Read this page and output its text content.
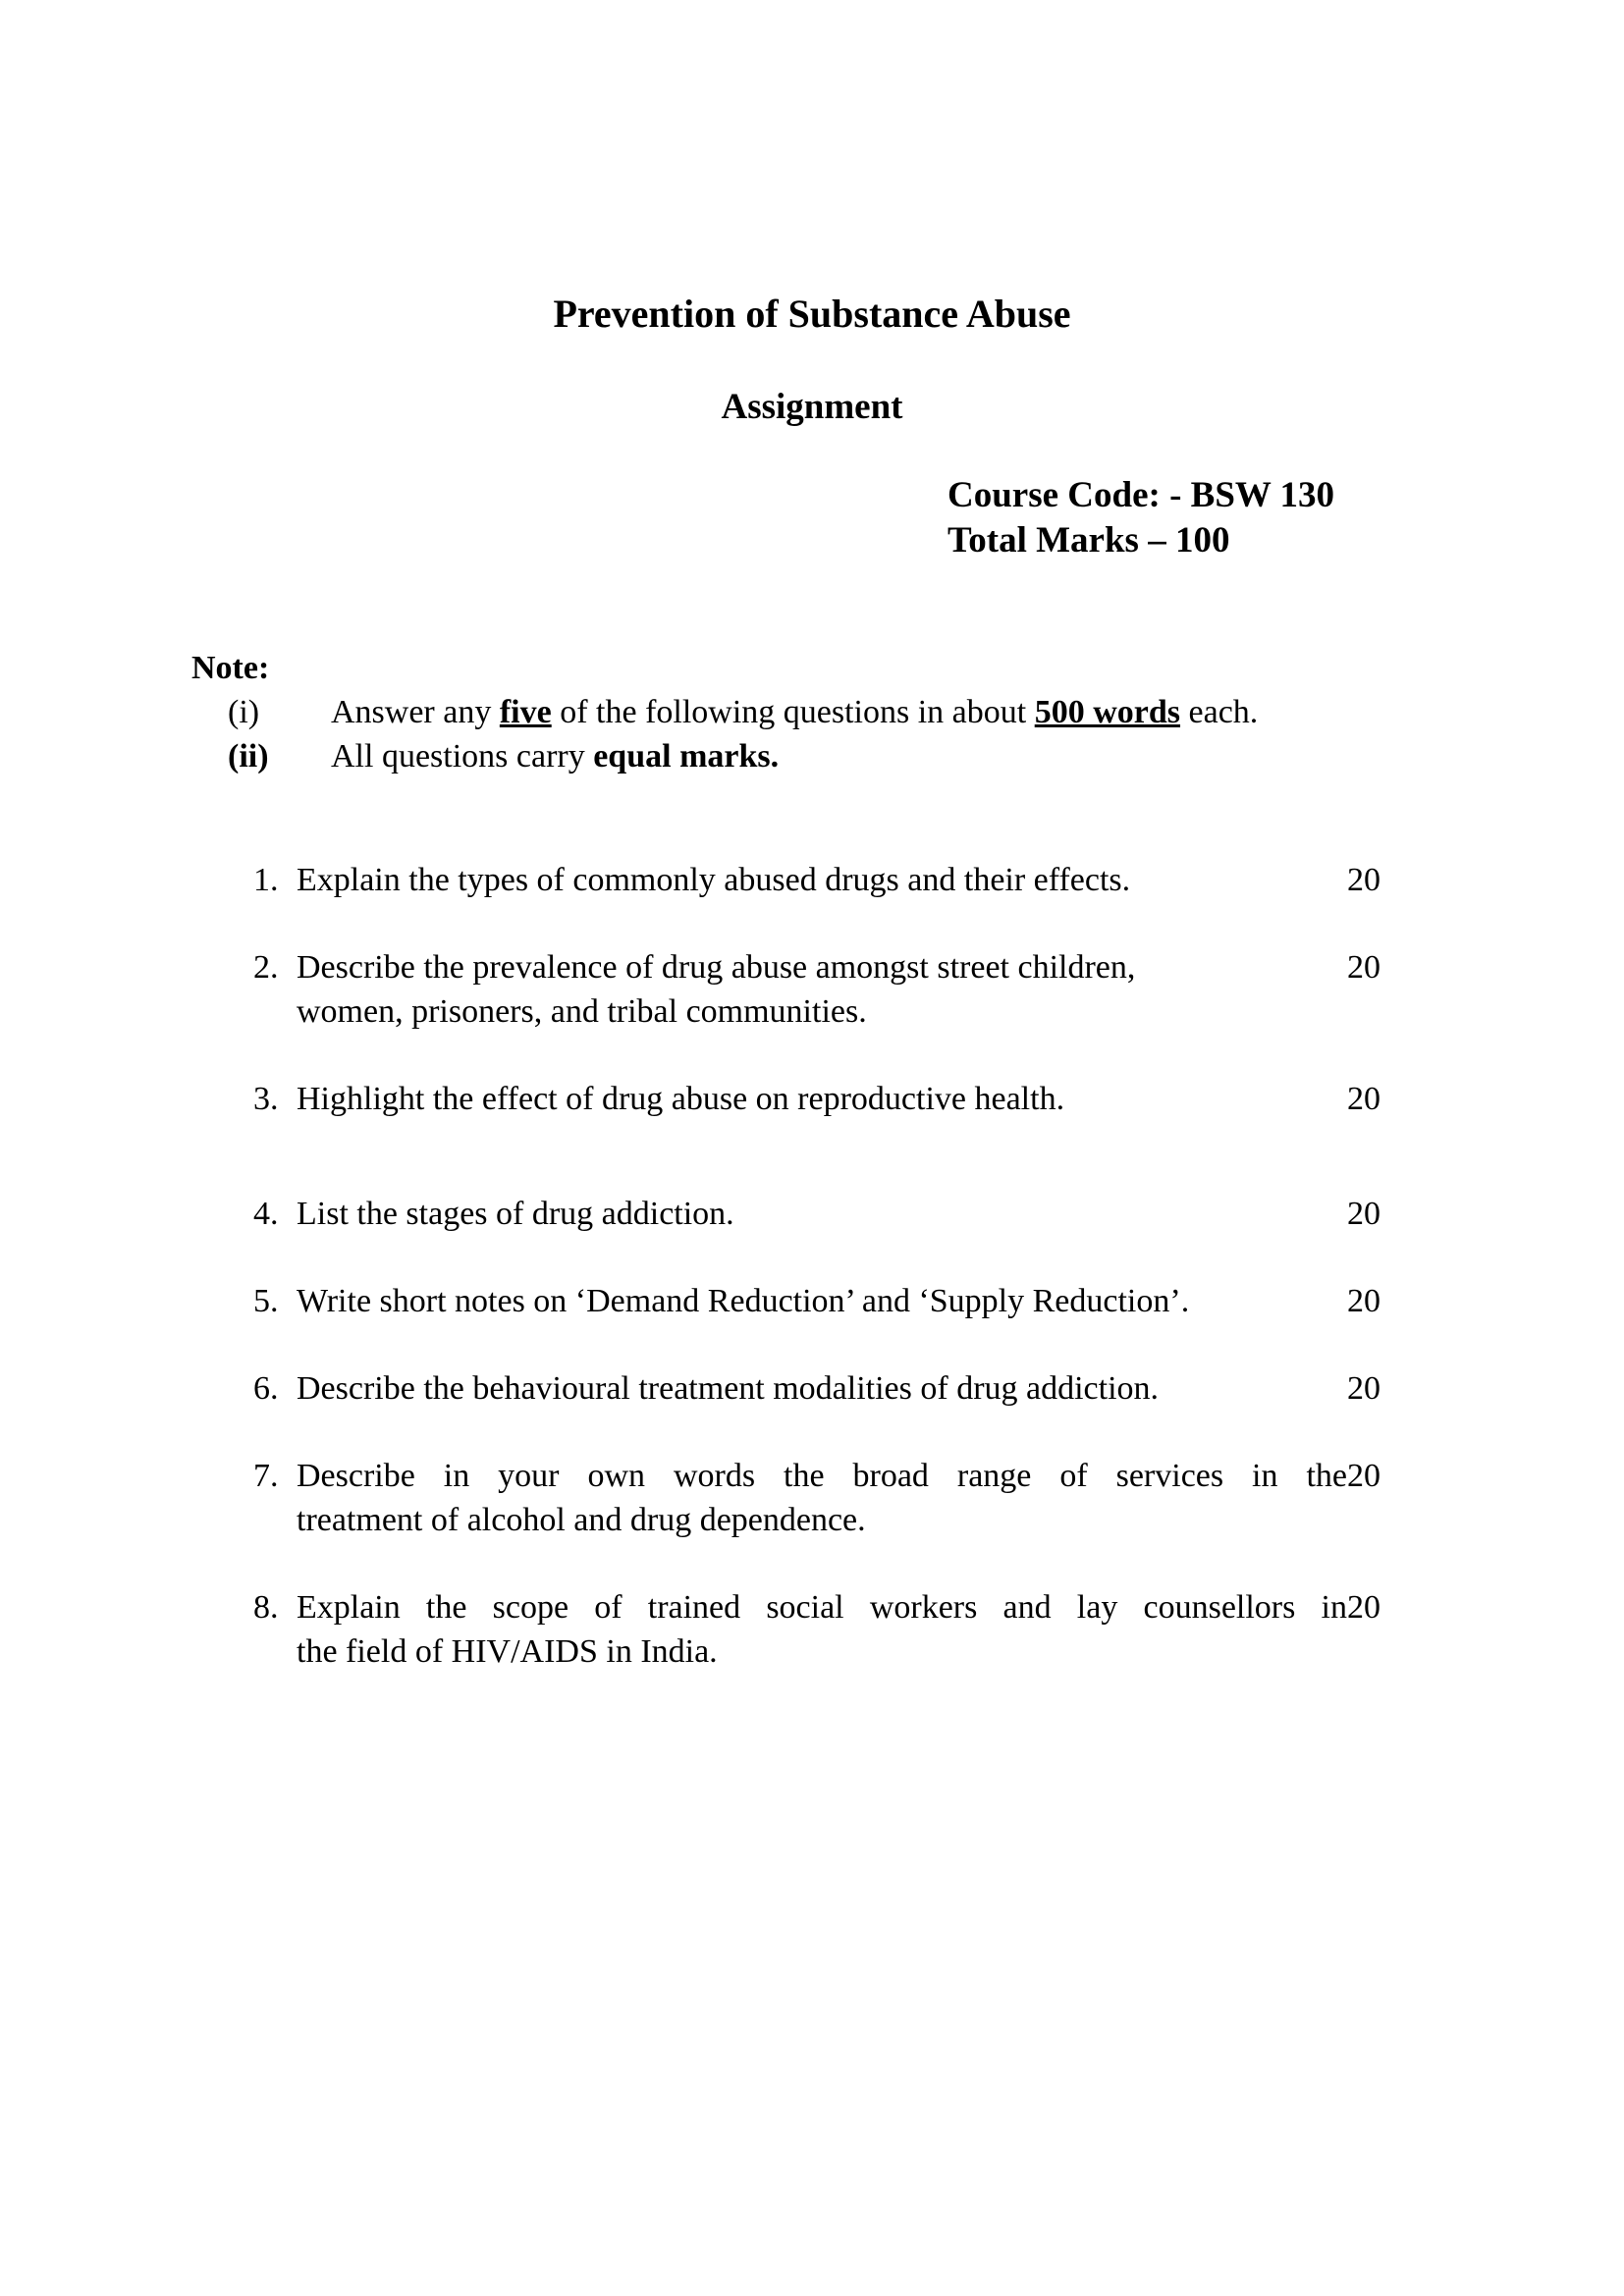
Prevention of Substance Abuse
Assignment
Course Code: - BSW 130
Total Marks – 100
Note:
(i)	Answer any five of the following questions in about 500 words each.
(ii)	All questions carry equal marks.
1. Explain the types of commonly abused drugs and their effects.	20
2. Describe the prevalence of drug abuse amongst street children,
women, prisoners, and tribal communities.
20
3. Highlight the effect of drug abuse on reproductive health.	20
4. List the stages of drug addiction.	20
5. Write short notes on ‘Demand Reduction’ and ‘Supply Reduction’.	20
6. Describe the behavioural treatment modalities of drug addiction.	20
7. Describe in your own words the broad range of services in the
treatment of alcohol and drug dependence.
20
8. Explain the scope of trained social workers and lay counsellors in
the field of HIV/AIDS in India.
20
